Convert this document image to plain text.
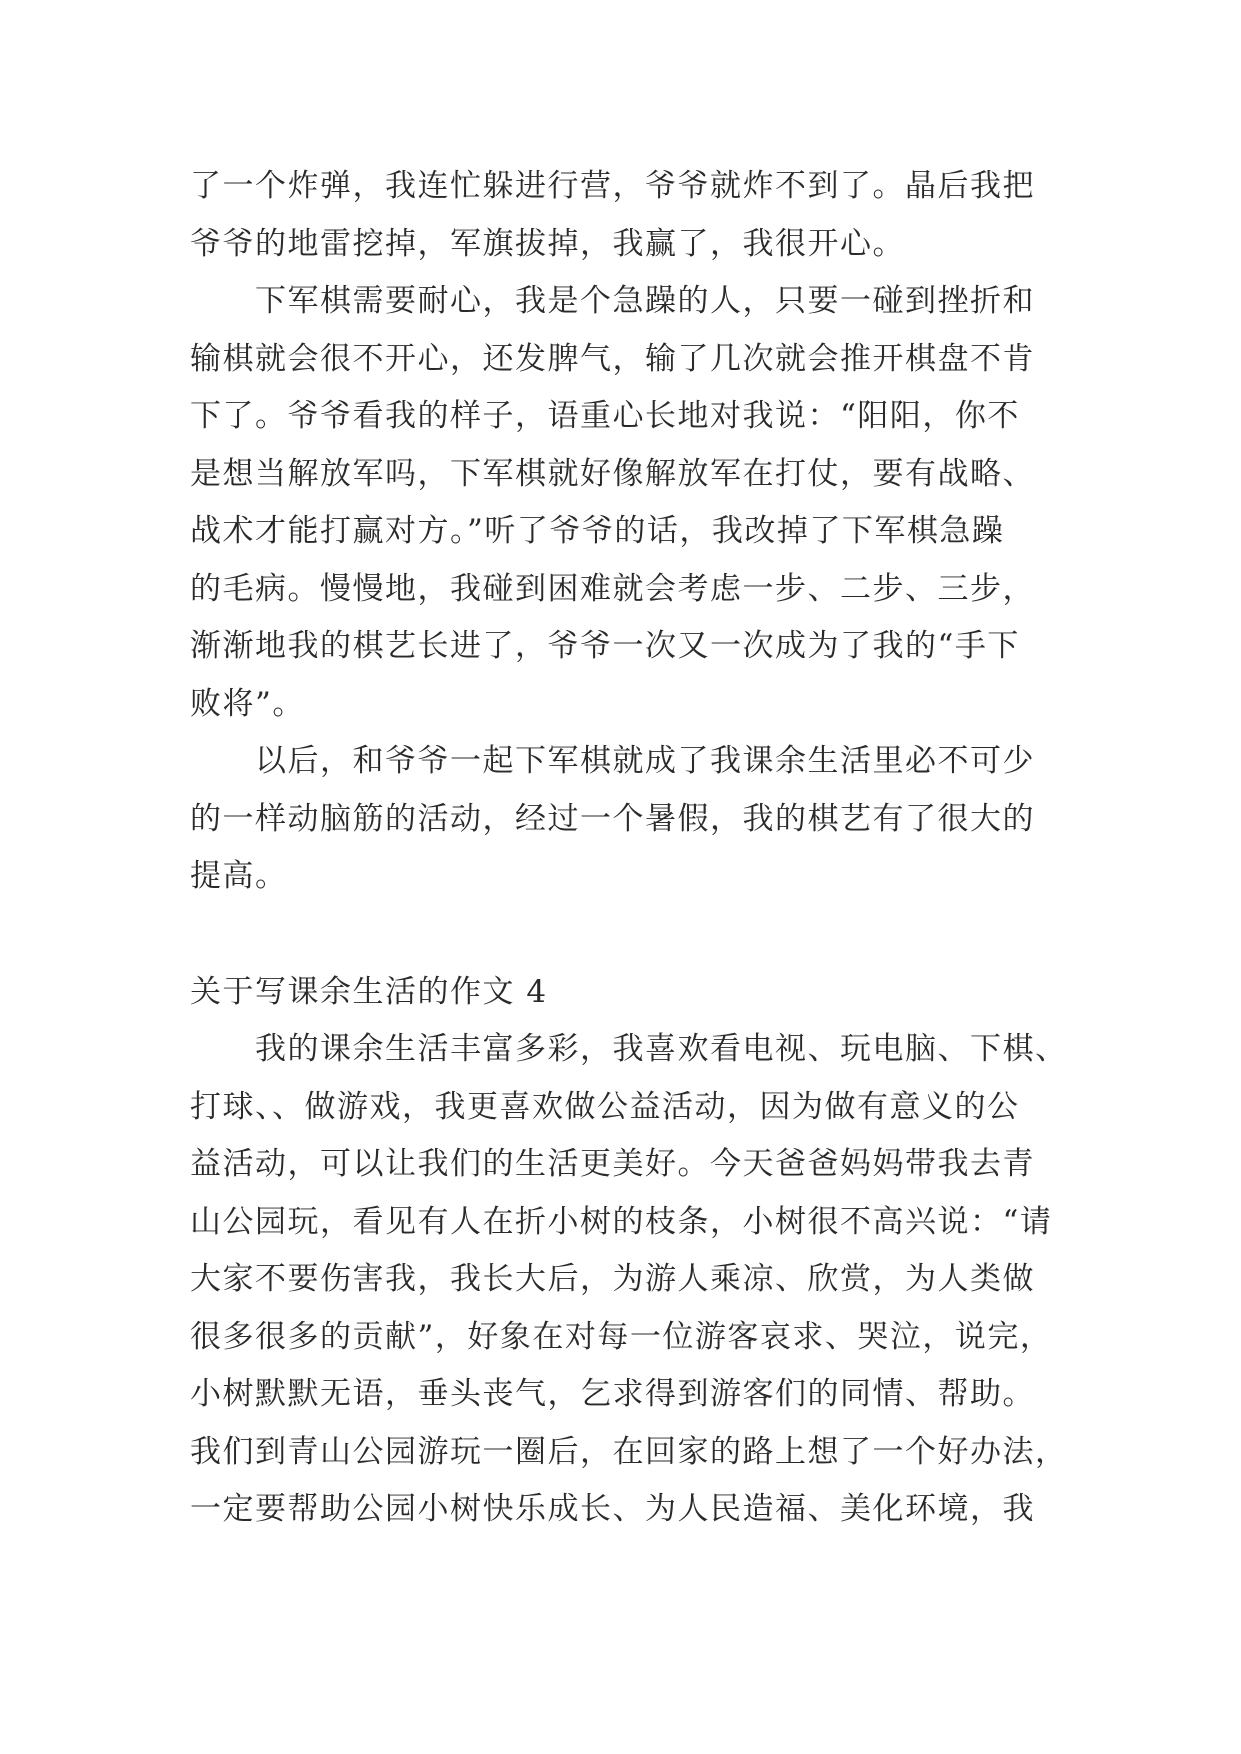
了一个炸弹，我连忙躲进行营，爷爷就炸不到了。晶后我把
爷爷的地雷挖掉，军旗拔掉，我赢了，我很开心。
　　下军棋需要耐心，我是个急躁的人，只要一碰到挫折和
输棋就会很不开心，还发脾气，输了几次就会推开棋盘不肯
下了。爷爷看我的样子，语重心长地对我说：“阳阳，你不
是想当解放军吗，下军棋就好像解放军在打仗，要有战略、
战术才能打赢对方。”听了爷爷的话，我改掉了下军棋急躁
的毛病。慢慢地，我碰到困难就会考虑一步、二步、三步，
渐渐地我的棋艺长进了，爷爷一次又一次成为了我的“手下
败将”。
　　以后，和爷爷一起下军棋就成了我课余生活里必不可少
的一样动脑筋的活动，经过一个暑假，我的棋艺有了很大的
提高。
关于写课余生活的作文 4
　　我的课余生活丰富多彩，我喜欢看电视、玩电脑、下棋、
打球、、做游戏，我更喜欢做公益活动，因为做有意义的公
益活动，可以让我们的生活更美好。今天爸爸妈妈带我去青
山公园玩，看见有人在折小树的枝条，小树很不高兴说：“请
大家不要伤害我，我长大后，为游人乘凉、欣赏，为人类做
很多很多的贡献”，好象在对每一位游客哀求、哭泣，说完，
小树默默无语，垂头丧气，乞求得到游客们的同情、帮助。
我们到青山公园游玩一圈后，在回家的路上想了一个好办法，
一定要帮助公园小树快乐成长、为人民造福、美化环境，我
